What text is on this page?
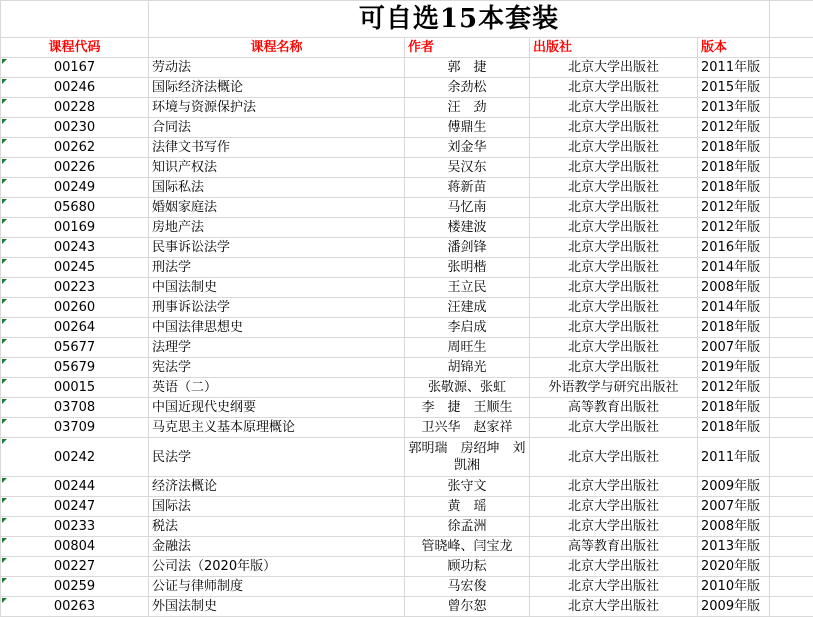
	可自选15本套装				
课程代码	课程名称	作者	出版社	版本	
00167	劳动法	郭　捷	北京大学出版社	2011年版	
00246	国际经济法概论	余劲松	北京大学出版社	2015年版	
00228	环境与资源保护法	汪　劲	北京大学出版社	2013年版	
00230	合同法	傅鼎生	北京大学出版社	2012年版	
00262	法律文书写作	刘金华	北京大学出版社	2018年版	
00226	知识产权法	吴汉东	北京大学出版社	2018年版	
00249	国际私法	蒋新苗	北京大学出版社	2018年版	
05680	婚姻家庭法	马忆南	北京大学出版社	2012年版	
00169	房地产法	楼建波	北京大学出版社	2012年版	
00243	民事诉讼法学	潘剑锋	北京大学出版社	2016年版	
00245	刑法学	张明楷	北京大学出版社	2014年版	
00223	中国法制史	王立民	北京大学出版社	2008年版	
00260	刑事诉讼法学	汪建成	北京大学出版社	2014年版	
00264	中国法律思想史	李启成	北京大学出版社	2018年版	
05677	法理学	周旺生	北京大学出版社	2007年版	
05679	宪法学	胡锦光	北京大学出版社	2019年版	
00015	英语（二）	张敬源、张虹	外语教学与研究出版社	2012年版	
03708	中国近现代史纲要	李　捷　王顺生	高等教育出版社	2018年版	
03709	马克思主义基本原理概论	卫兴华　赵家祥	北京大学出版社	2018年版	
00242	民法学	郭明瑞　房绍坤　刘凯湘	北京大学出版社	2011年版	
00244	经济法概论	张守文	北京大学出版社	2009年版	
00247	国际法	黄　瑶	北京大学出版社	2007年版	
00233	税法	徐孟洲	北京大学出版社	2008年版	
00804	金融法	管晓峰、闫宝龙	高等教育出版社	2013年版	
00227	公司法（2020年版）	顾功耘	北京大学出版社	2020年版	
00259	公证与律师制度	马宏俊	北京大学出版社	2010年版	
00263	外国法制史	曾尔恕	北京大学出版社	2009年版	
